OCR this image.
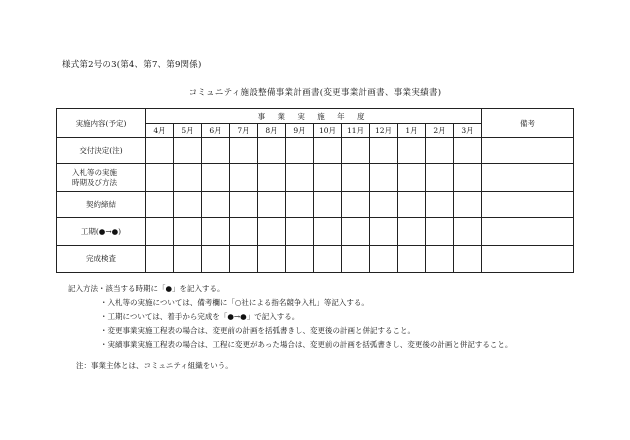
様式第2号の3(第4、第7、第9関係)
コミュニティ施設整備事業計画書(変更事業計画書、事業実績書)
実施内容(予定)	事 業 実 施 年 度												備考
	4月	5月	6月	7月	8月	9月	10月	11月	12月	1月	2月	3月	

交付決定(注)													

入札等の実施
時期及び方法													

契約締結													

工期(●→●)													

完成検査													

記入方法・該当する時期に「●」を記入する。
・入札等の実施については、備考欄に「○社による指名競争入札」等記入する。
・工期については、着手から完成を「●→●」で記入する。
・変更事業実施工程表の場合は、変更前の計画を括弧書きし、変更後の計画と併記すること。
・実績事業実施工程表の場合は、工程に変更があった場合は、変更前の計画を括弧書きし、変更後の計画と併記すること。
注：事業主体とは、コミュニティ組織をいう。
